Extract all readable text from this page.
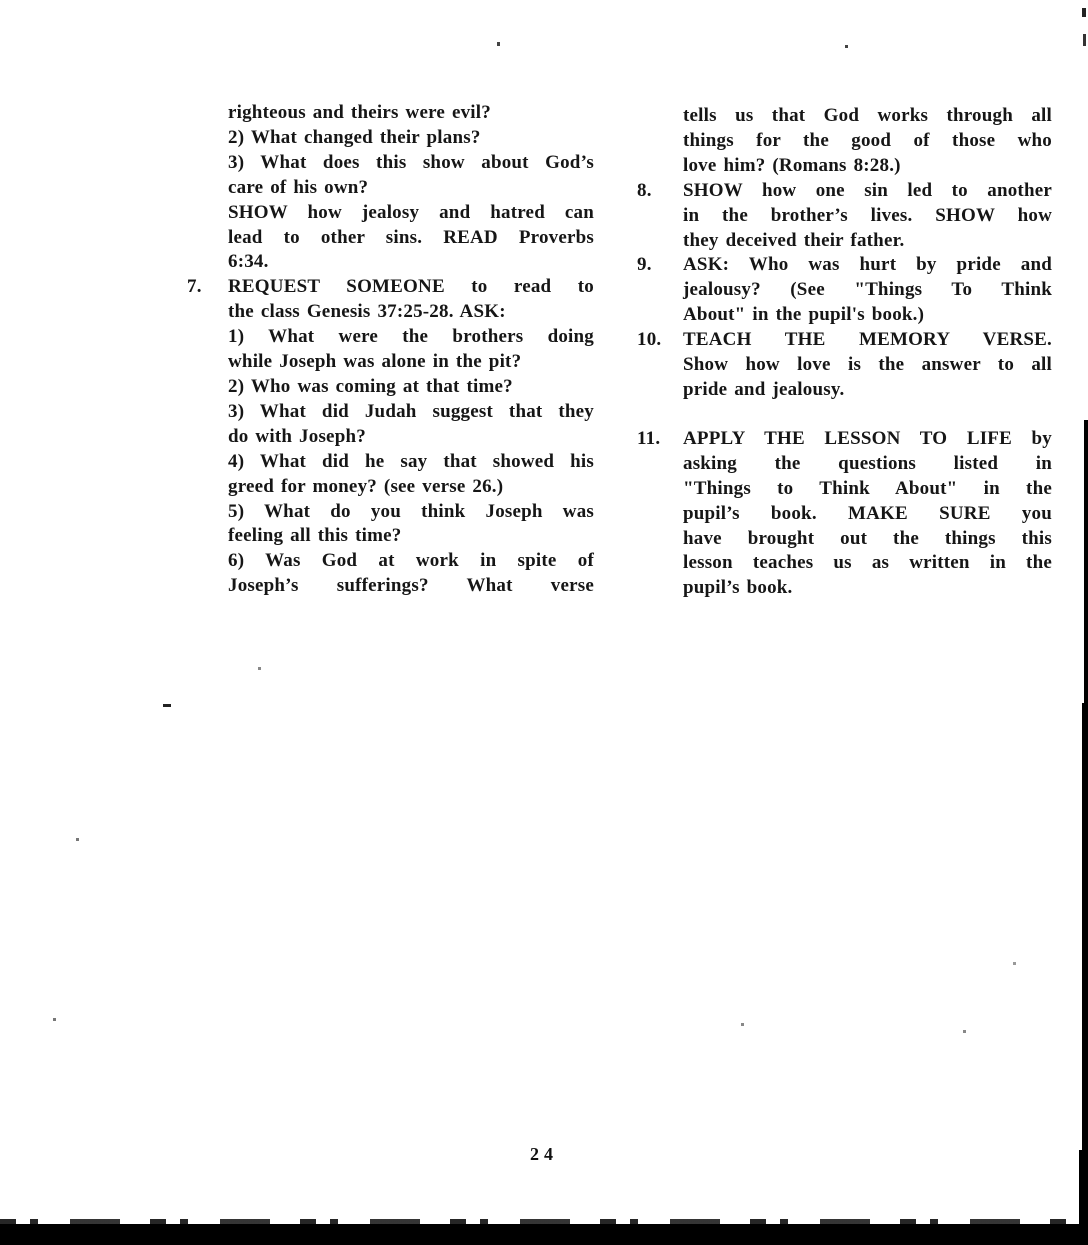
righteous and theirs were evil?
2) What changed their plans?
3) What does this show about God’s
care of his own?
SHOW how jealosy and hatred can
lead to other sins. READ Proverbs
6:34.
7.	REQUEST SOMEONE to read to
the class Genesis 37:25-28. ASK:
1) What were the brothers doing
while Joseph was alone in the pit?
2) Who was coming at that time?
3) What did Judah suggest that they
do with Joseph?
4) What did he say that showed his
greed for money? (see verse 26.)
5) What do you think Joseph was
feeling all this time?
6) Was God at work in spite of
Joseph’s sufferings? What verse
tells us that God works through all
things for the good of those who
love him? (Romans 8:28.)
8.	SHOW how one sin led to another
in the brother’s lives. SHOW how
they deceived their father.
9.	ASK: Who was hurt by pride and
jealousy? (See "Things To Think
About" in the pupil's book.)
10.	TEACH THE MEMORY VERSE.
Show how love is the answer to all
pride and jealousy.
11.	APPLY THE LESSON TO LIFE by
asking the questions listed in
"Things to Think About" in the
pupil’s book. MAKE SURE you
have brought out the things this
lesson teaches us as written in the
pupil’s book.
24
